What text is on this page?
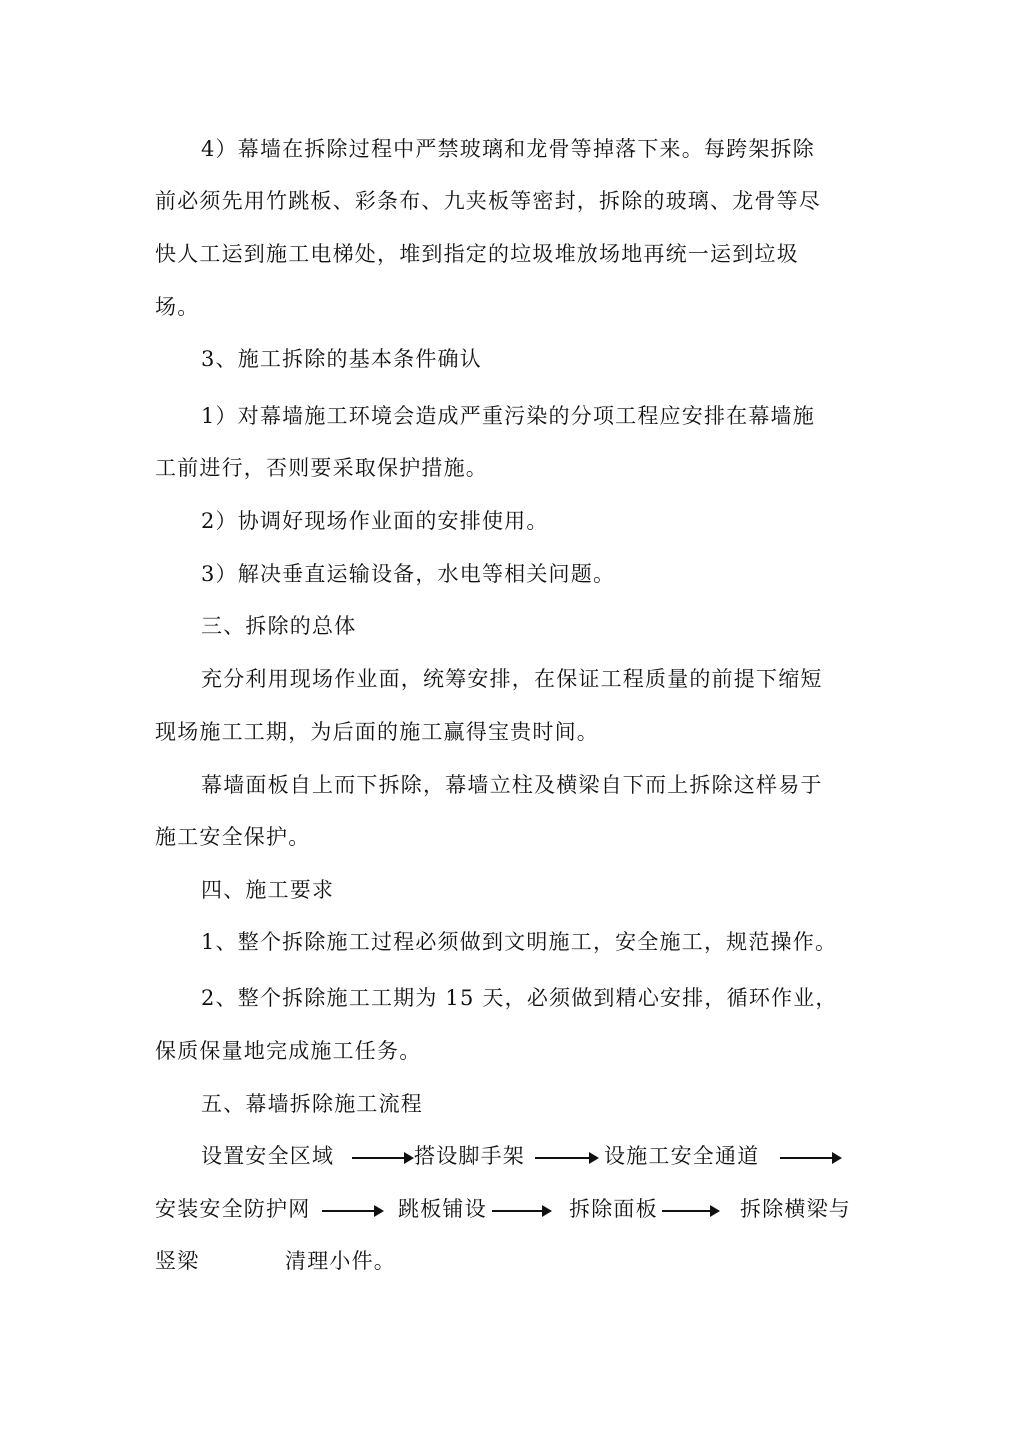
4）幕墙在拆除过程中严禁玻璃和龙骨等掉落下来。每跨架拆除
前必须先用竹跳板、彩条布、九夹板等密封，拆除的玻璃、龙骨等尽
快人工运到施工电梯处，堆到指定的垃圾堆放场地再统一运到垃圾
场。
3、施工拆除的基本条件确认
1）对幕墙施工环境会造成严重污染的分项工程应安排在幕墙施
工前进行，否则要采取保护措施。
2）协调好现场作业面的安排使用。
3）解决垂直运输设备，水电等相关问题。
三、拆除的总体
充分利用现场作业面，统筹安排，在保证工程质量的前提下缩短
现场施工工期，为后面的施工赢得宝贵时间。
幕墙面板自上而下拆除，幕墙立柱及横梁自下而上拆除这样易于
施工安全保护。
四、施工要求
1、整个拆除施工过程必须做到文明施工，安全施工，规范操作。
2、整个拆除施工工期为 15 天，必须做到精心安排，循环作业，
保质保量地完成施工任务。
五、幕墙拆除施工流程
设置安全区域	搭设脚手架	设施工安全通道
安装安全防护网	跳板铺设	拆除面板	拆除横梁与
竖梁	清理小件。
